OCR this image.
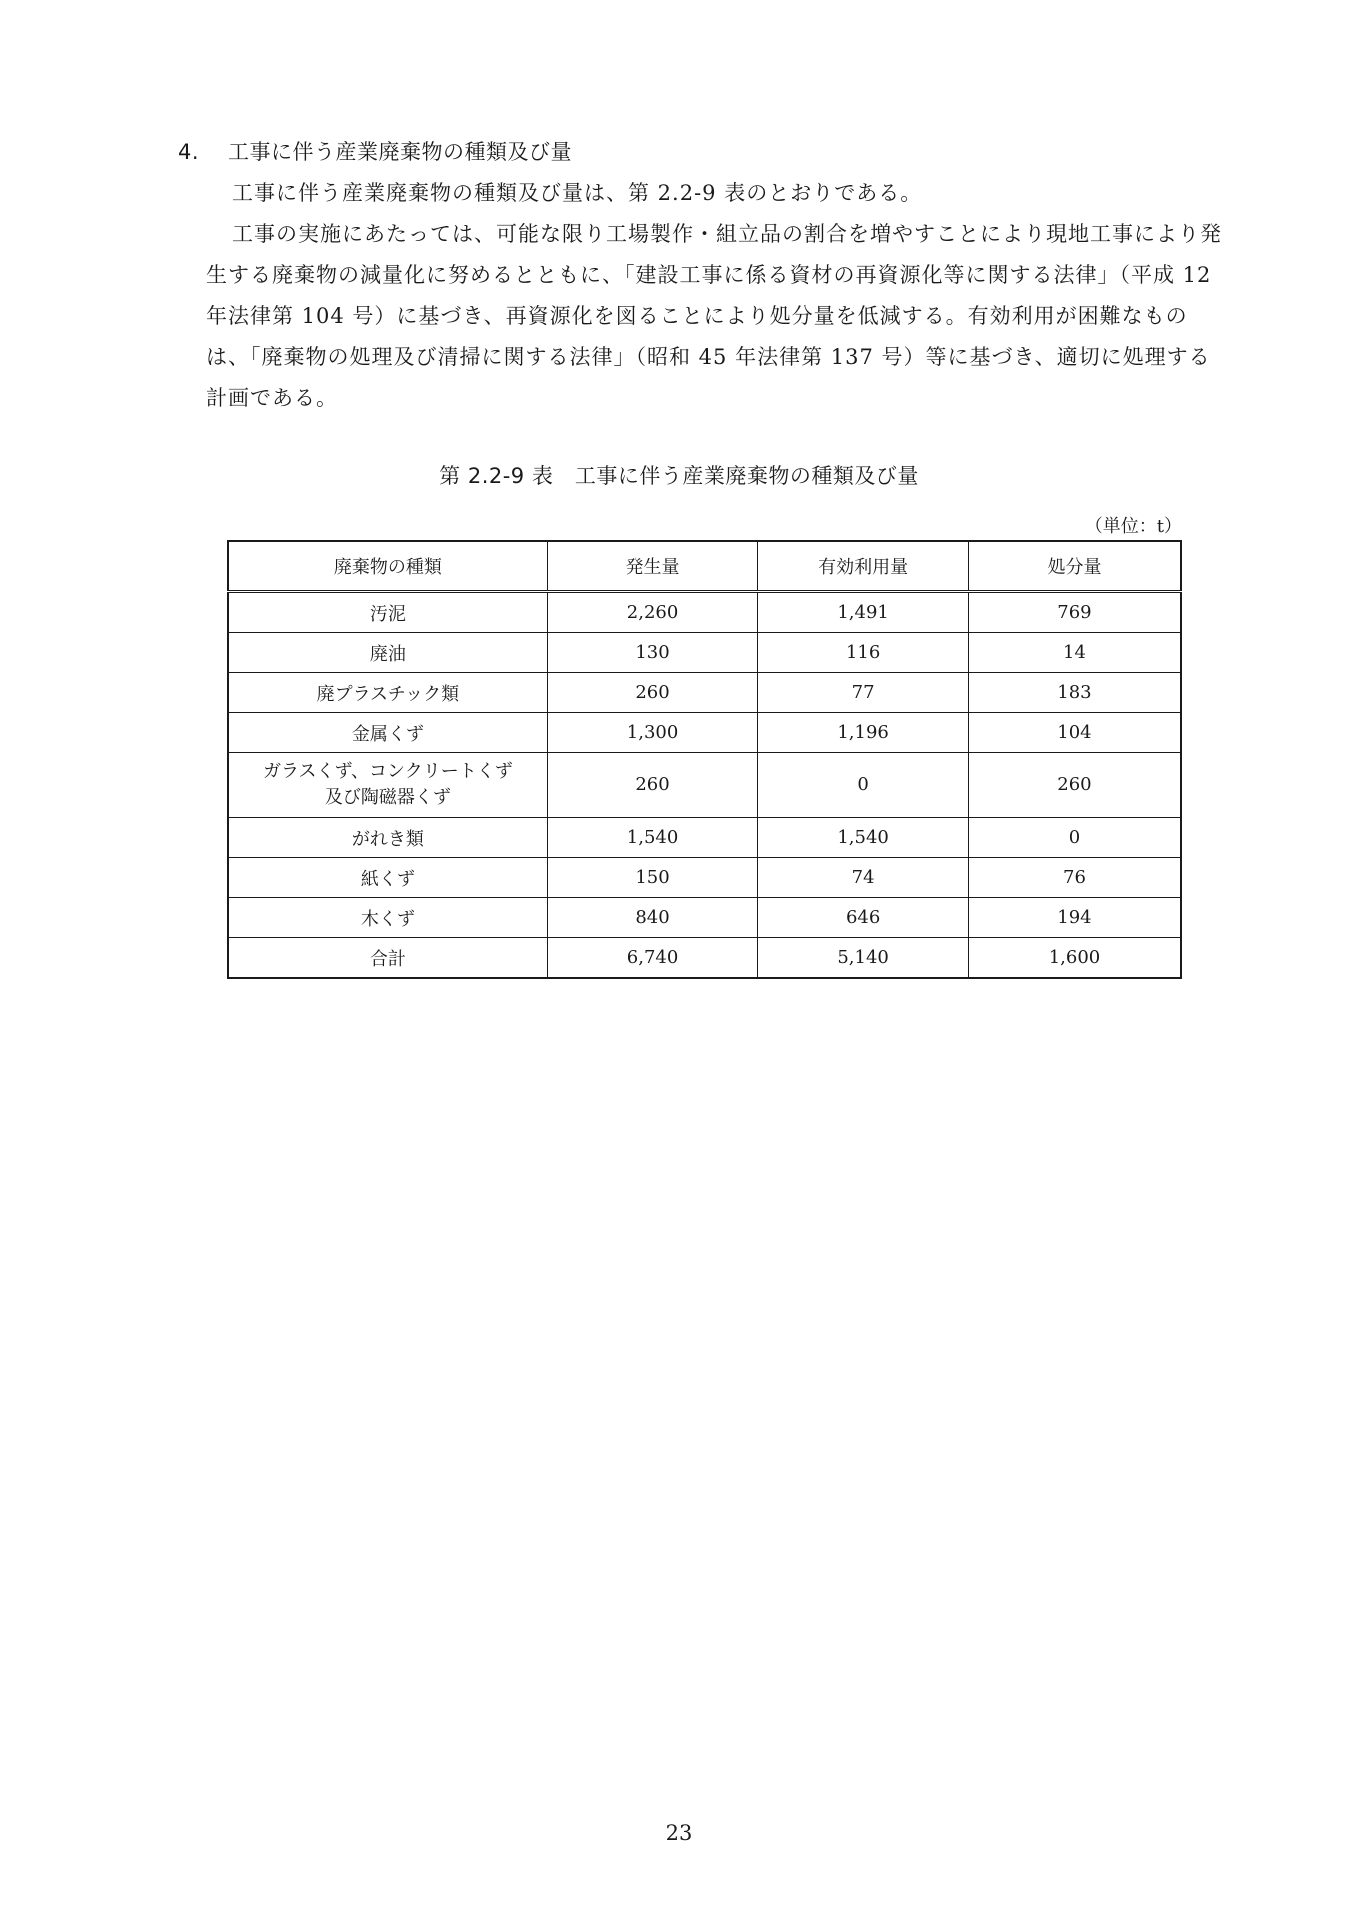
4. 工事に伴う産業廃棄物の種類及び量
工事に伴う産業廃棄物の種類及び量は、第 2.2-9 表のとおりである。
工事の実施にあたっては、可能な限り工場製作・組立品の割合を増やすことにより現地工事により発生する廃棄物の減量化に努めるとともに、「建設工事に係る資材の再資源化等に関する法律」（平成 12 年法律第 104 号）に基づき、再資源化を図ることにより処分量を低減する。有効利用が困難なものは、「廃棄物の処理及び清掃に関する法律」（昭和 45 年法律第 137 号）等に基づき、適切に処理する計画である。
第 2.2-9 表　工事に伴う産業廃棄物の種類及び量
（単位：t）
廃棄物の種類	発生量	有効利用量	処分量
汚泥	2,260	1,491	769
廃油	130	116	14
廃プラスチック類	260	77	183
金属くず	1,300	1,196	104
ガラスくず、コンクリートくず
及び陶磁器くず	260	0	260
がれき類	1,540	1,540	0
紙くず	150	74	76
木くず	840	646	194
合計	6,740	5,140	1,600
23
